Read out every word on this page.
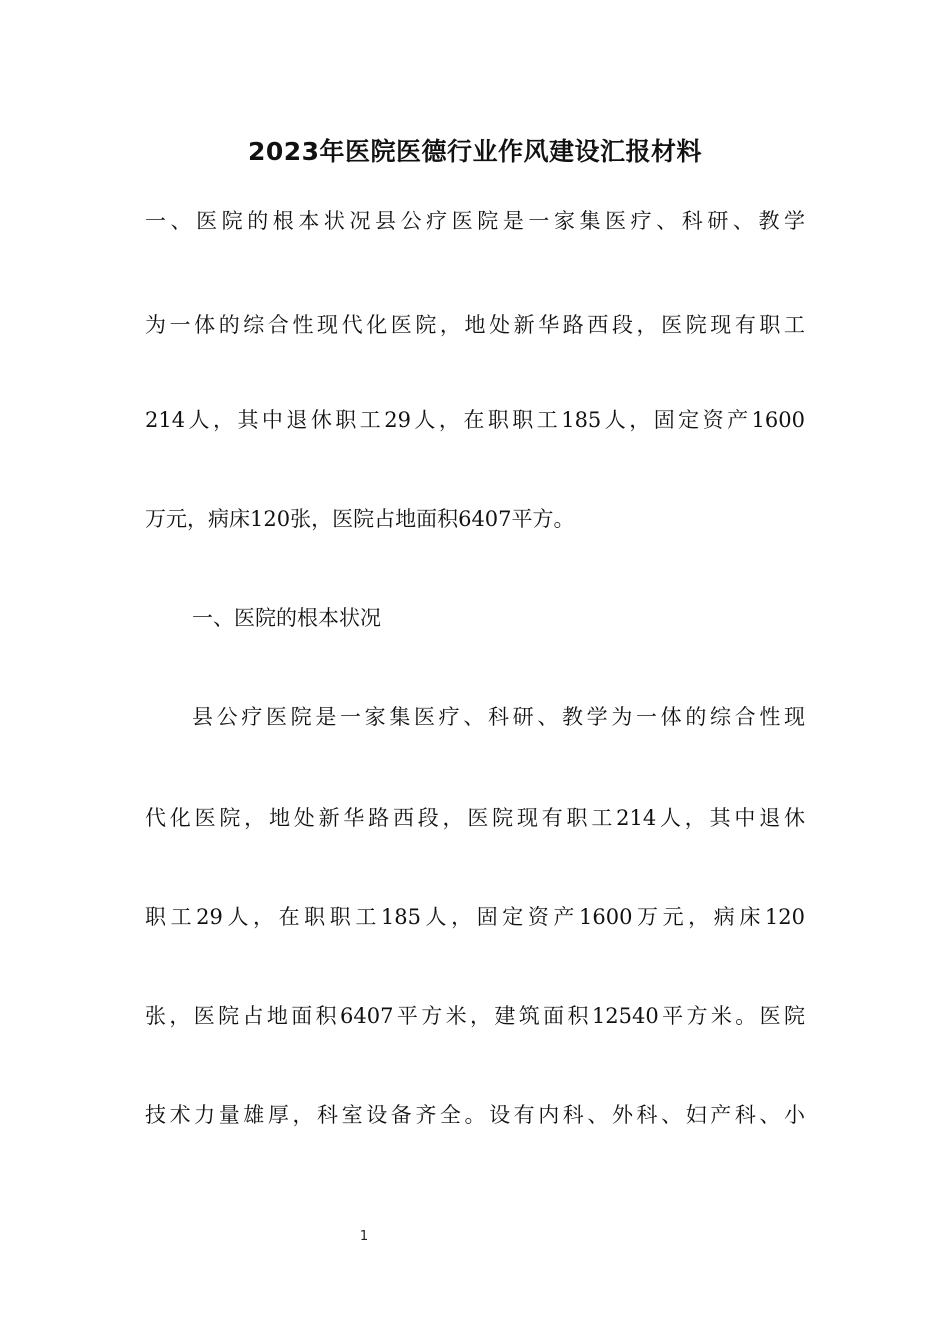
2023年医院医德行业作风建设汇报材料
一、医院的根本状况县公疗医院是一家集医疗、科研、教学
为一体的综合性现代化医院，地处新华路西段，医院现有职工
214人，其中退休职工29人，在职职工185人，固定资产1600
万元，病床120张，医院占地面积6407平方。
一、医院的根本状况
县公疗医院是一家集医疗、科研、教学为一体的综合性现
代化医院，地处新华路西段，医院现有职工214人，其中退休
职工29人，在职职工185人，固定资产1600万元，病床120
张，医院占地面积6407平方米，建筑面积12540平方米。医院
技术力量雄厚，科室设备齐全。设有内科、外科、妇产科、小
1
